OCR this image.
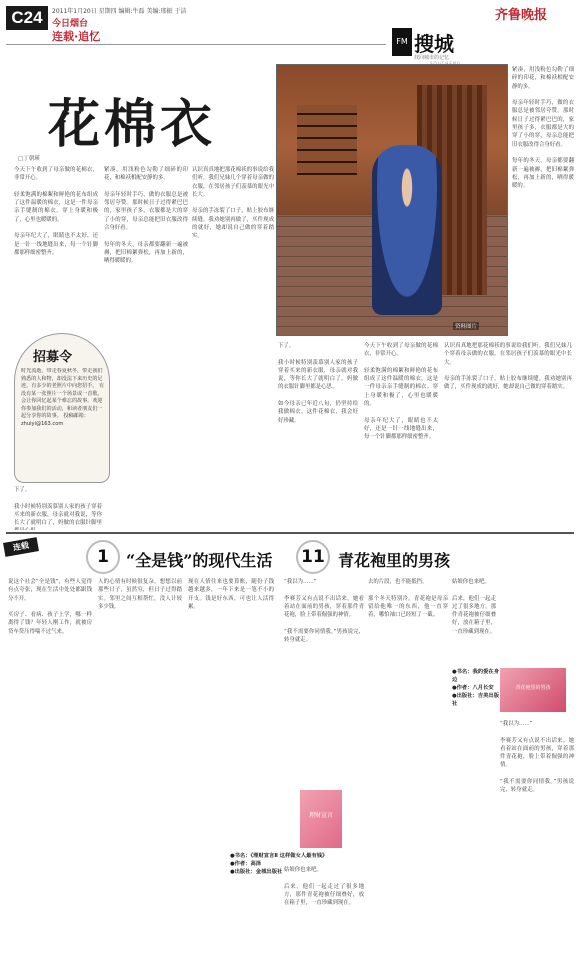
C24	2011年1月20日 星期四 编辑:牛磊 美编:邢振 于洁
今日烟台
连载·追忆
齐鲁晚报
FM 搜城
找回城市的记忆
花棉衣
□丁朝瑛
今天下午收到了母亲做的花棉衣，非常开心。

轻柔饱满的棉絮和鲜艳的花布组成了这件温暖的棉衣，这是一件母亲亲手缝制的棉衣。穿上身暖和极了，心里也暖暖的。

母亲年纪大了，眼睛也不太好，还是一针一线地缝出来，每一个针脚都那样细密整齐。
紧凑，用浅粉色勾勒了细碎的印花，和棉袄相配安静的多。

母亲年轻时手巧，做的衣服总是被邻居夸赞。那时候日子过得紧巴巴的，家里孩子多，衣服都是大的穿了小的穿，母亲总能把旧衣服改得合身好看。

每年的冬天，母亲都要翻新一遍被褥，把旧棉絮弹松，再加上新的，晒得暖暖的。
认识真真地把那花棉袄的事说给我们听。我们兄妹几个穿着母亲做的衣服，在邻居孩子们羡慕的眼光中长大。

母亲的手冻裂了口子，贴上胶布继续缝。我劝她别再做了，买件现成的就好，她却说自己做的穿着踏实。
下了。

我小时候特别羡慕别人家的孩子穿着买来的新衣服，母亲就对我说，等你长大了就明白了，妈做的衣服针脚里

资料图片
下了。

我小时候特别羡慕别人家的孩子穿着买来的新衣服，母亲就对我说，等你长大了就明白了，妈做的衣服针脚里都是心思。

如今母亲已年近八旬，仍坚持给我做棉衣。这件花棉衣，我会好好珍藏。
今天下午收到了母亲做的花棉衣，非常开心。

轻柔饱满的棉絮和鲜艳的花布组成了这件温暖的棉衣，这是一件母亲亲手缝制的棉衣。穿上身暖和极了，心里也暖暖的。

母亲年纪大了，眼睛也不太好，还是一针一线地缝出来，每一个针脚都那样细密整齐。
认识真真地把那花棉袄的事说给我们听。我们兄妹几个穿着母亲做的衣服，在邻居孩子们羡慕的眼光中长大。

母亲的手冻裂了口子，贴上胶布继续缝。我劝她别再做了，买件现成的就好，她却说自己做的穿着踏实。
紧凑，用浅粉色勾勒了细碎的印花，和棉袄相配安静的多。

母亲年轻时手巧，做的衣服总是被邻居夸赞。那时候日子过得紧巴巴的，家里孩子多，衣服都是大的穿了小的穿，母亲总能把旧衣服改得合身好看。

每年的冬天，母亲都要翻新一遍被褥，把旧棉絮弹松，再加上新的，晒得暖暖的。
招募令
时光流逝，带走春夏秋冬，带走我们熟悉的人和物，却没法下来历史的足迹，有多少的老照片中向您招手。 有没有某一张照片一个场景或一首歌，会让你回忆起某个难忘的故事。欢迎你参加我们的活动，和读者朋友们一起分享你的故事。 投稿邮箱：zhuiyi@163.com
连载
1	“全是钱”的现代生活	11 青花袍里的男孩
说这个社会“全是钱”，有些人觉得有点夸张，现在生活中处处都跟钱分不开。

买房子、看病、孩子上学，哪一样离得了钱？年轻人刚工作，就被房贷车贷压得喘不过气来。
人的心情有时候很复杂，想想以前那些日子，虽然穷，但日子过得踏实。邻里之间互相帮忙，没人计较多少钱。
现在人情往来也要算账，随份子钱越来越多，一年下来是一笔不小的开支。钱是好东西，可也让人活得累。
“我以为……”

李赛芳又有点说不出话来。她看着站在面前的男孩，穿着那件青花袍，脸上带着倔强的神情。

“我不需要你同情我。”男孩说完，转身就走。
去的片段，也不能抵挡。

那个冬天特别冷，青花袍是母亲留给他唯一的东西，他一直穿着，哪怕袖口已经短了一截。
姑娘你也来吧。

后来，他们一起走过了很多地方，那件青花袍被仔细叠好，放在箱子里，一直珍藏到现在。
“我以为……”

李赛芳又有点说不出话来。她看着站在面前的男孩，穿着那件青花袍，脸上带着倔强的神情。

“我不需要你同情我。”男孩说完，转身就走。
姑娘你也来吧。

后来，他们一起走过了很多地方，那件青花袍被仔细叠好，放在箱子里，一直珍藏到现在。
理财宣言
●书名：《理财宣言Ⅱ 这样做女人最有钱》
●作者：高泽
●出版社：金城出版社
青花袍里的男孩
●书名：我的爱在身边
●作者：八月长安
●出版社：吉美出版社
